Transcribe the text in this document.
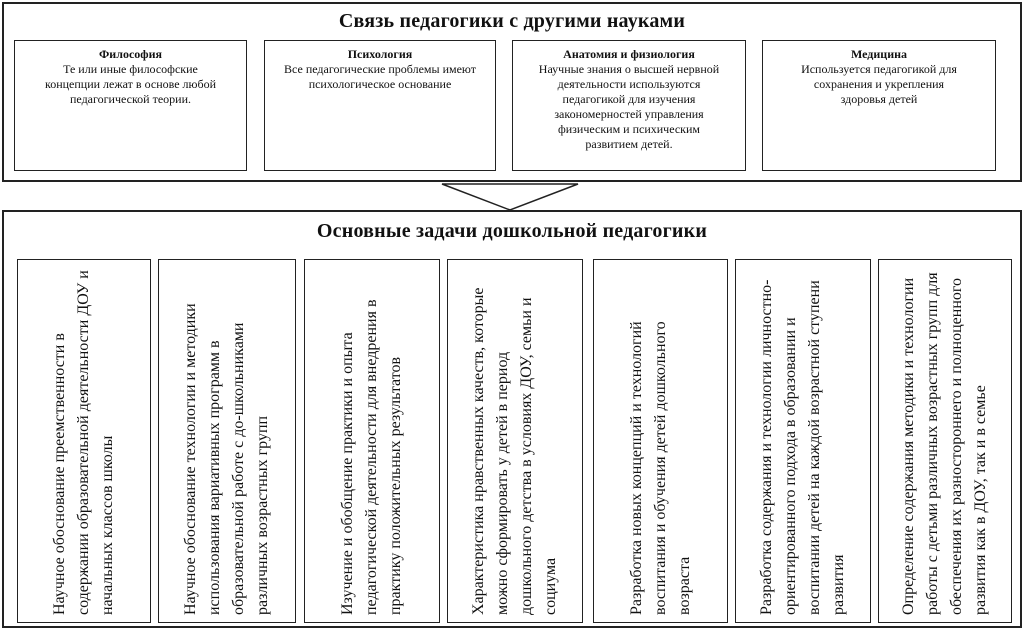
Связь педагогики с другими науками
Философия
Те или иные философские концепции лежат в основе любой педагогической теории.
Психология
Все педагогические проблемы имеют психологическое основание
Анатомия и физиология
Научные знания о высшей нервной деятельности используются педагогикой для изучения закономерностей управления физическим и психическим развитием детей.
Медицина
Используется педагогикой для сохранения и укрепления здоровья детей
Основные задачи дошкольной педагогики
Научное обоснование преемственности в содержании образовательной деятельности ДОУ и начальных классов школы	Научное обоснование технологии и методики использования вариативных программ в образовательной работе с до-школьниками различных возрастных групп	Изучение и обобщение практики и опыта педагогической деятельности для внедрения в практику положительных результатов	Характеристика нравственных качеств, которые можно сформировать у детей в период дошкольного детства в условиях ДОУ, семьи и социума	Разработка новых концепций и технологий воспитания и обучения детей дошкольного возраста	Разработка содержания и технологии личностно-ориентированного подхода в образовании и воспитании детей на каждой возрастной ступени развития	Определение содержания методики и технологии работы с детьми различных возрастных групп для обеспечения их разностороннего и полноценного развития как в ДОУ, так и в семье
